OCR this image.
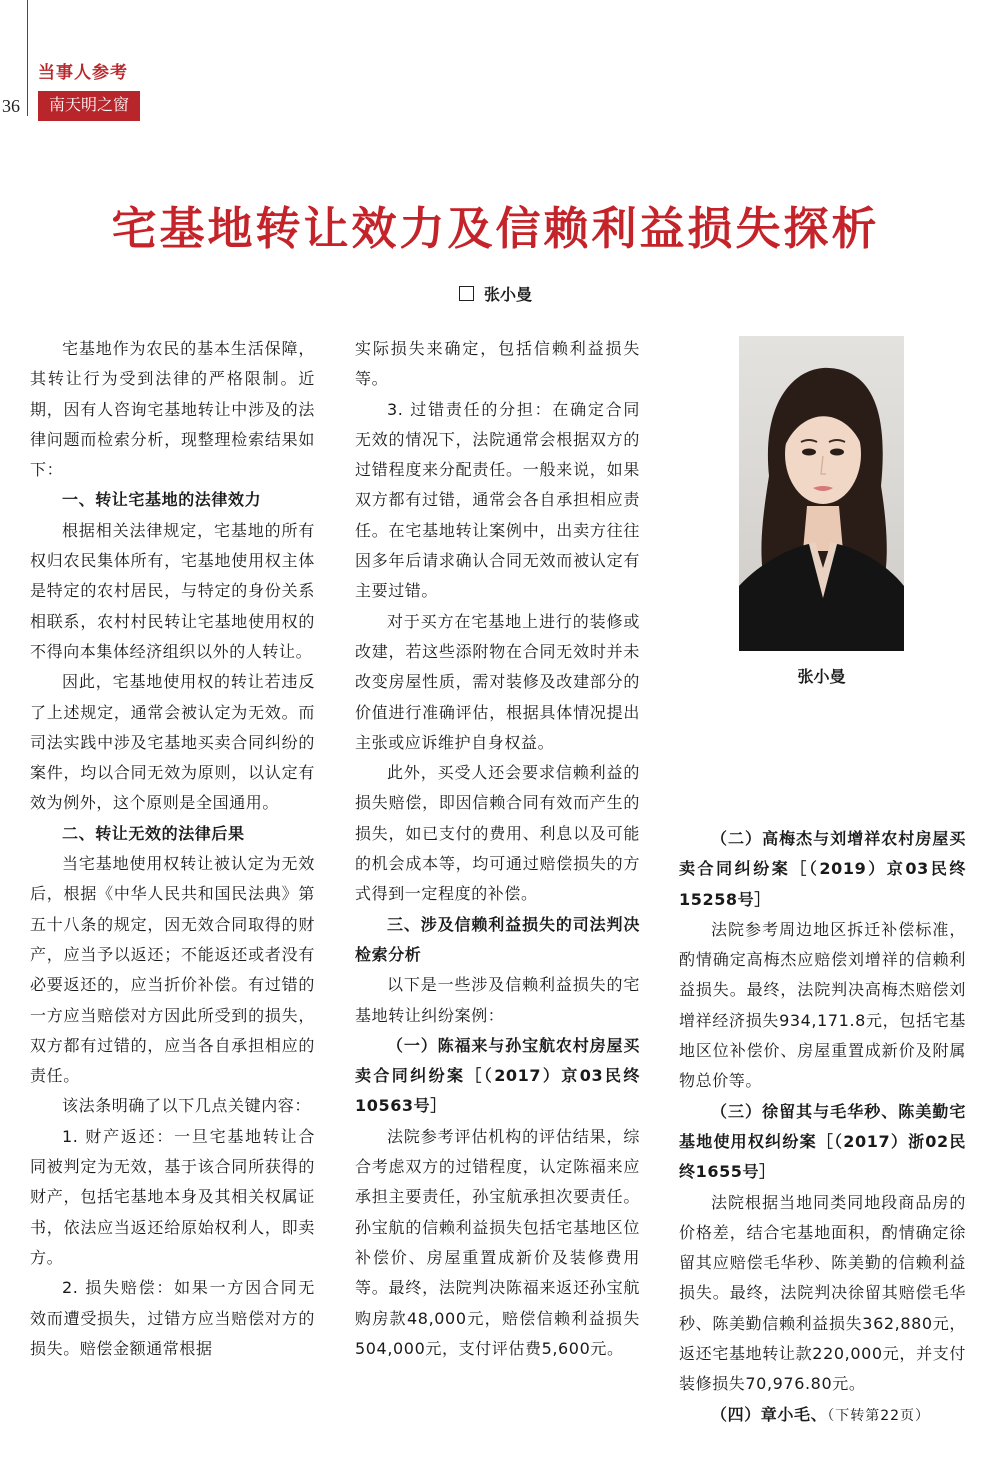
当事人参考
36	南天明之窗
宅基地转让效力及信赖利益损失探析
张小曼

宅基地作为农民的基本生活保障，其转让行为受到法律的严格限制。近期，因有人咨询宅基地转让中涉及的法律问题而检索分析，现整理检索结果如下：

一、转让宅基地的法律效力

根据相关法律规定，宅基地的所有权归农民集体所有，宅基地使用权主体是特定的农村居民，与特定的身份关系相联系，农村村民转让宅基地使用权的不得向本集体经济组织以外的人转让。

因此，宅基地使用权的转让若违反了上述规定，通常会被认定为无效。而司法实践中涉及宅基地买卖合同纠纷的案件，均以合同无效为原则，以认定有效为例外，这个原则是全国通用。

二、转让无效的法律后果

当宅基地使用权转让被认定为无效后，根据《中华人民共和国民法典》第五十八条的规定，因无效合同取得的财产，应当予以返还；不能返还或者没有必要返还的，应当折价补偿。有过错的一方应当赔偿对方因此所受到的损失，双方都有过错的，应当各自承担相应的责任。

该法条明确了以下几点关键内容：

1. 财产返还：一旦宅基地转让合同被判定为无效，基于该合同所获得的财产，包括宅基地本身及其相关权属证书，依法应当返还给原始权利人，即卖方。

2. 损失赔偿：如果一方因合同无效而遭受损失，过错方应当赔偿对方的损失。赔偿金额通常根据

实际损失来确定，包括信赖利益损失等。

3. 过错责任的分担：在确定合同无效的情况下，法院通常会根据双方的过错程度来分配责任。一般来说，如果双方都有过错，通常会各自承担相应责任。在宅基地转让案例中，出卖方往往因多年后请求确认合同无效而被认定有主要过错。

对于买方在宅基地上进行的装修或改建，若这些添附物在合同无效时并未改变房屋性质，需对装修及改建部分的价值进行准确评估，根据具体情况提出主张或应诉维护自身权益。

此外，买受人还会要求信赖利益的损失赔偿，即因信赖合同有效而产生的损失，如已支付的费用、利息以及可能的机会成本等，均可通过赔偿损失的方式得到一定程度的补偿。

三、涉及信赖利益损失的司法判决检索分析

以下是一些涉及信赖利益损失的宅基地转让纠纷案例：

（一）陈福来与孙宝航农村房屋买卖合同纠纷案［（2017）京03民终10563号］

法院参考评估机构的评估结果，综合考虑双方的过错程度，认定陈福来应承担主要责任，孙宝航承担次要责任。孙宝航的信赖利益损失包括宅基地区位补偿价、房屋重置成新价及装修费用等。最终，法院判决陈福来返还孙宝航购房款48,000元，赔偿信赖利益损失504,000元，支付评估费5,600元。

张小曼
（二）高梅杰与刘增祥农村房屋买卖合同纠纷案［（2019）京03民终15258号］

法院参考周边地区拆迁补偿标准，酌情确定高梅杰应赔偿刘增祥的信赖利益损失。最终，法院判决高梅杰赔偿刘增祥经济损失934,171.8元，包括宅基地区位补偿价、房屋重置成新价及附属物总价等。

（三）徐留其与毛华秒、陈美勤宅基地使用权纠纷案［（2017）浙02民终1655号］

法院根据当地同类同地段商品房的价格差，结合宅基地面积，酌情确定徐留其应赔偿毛华秒、陈美勤的信赖利益损失。最终，法院判决徐留其赔偿毛华秒、陈美勤信赖利益损失362,880元，返还宅基地转让款220,000元，并支付装修损失70,976.80元。

（四）章小毛、（下转第22页）
